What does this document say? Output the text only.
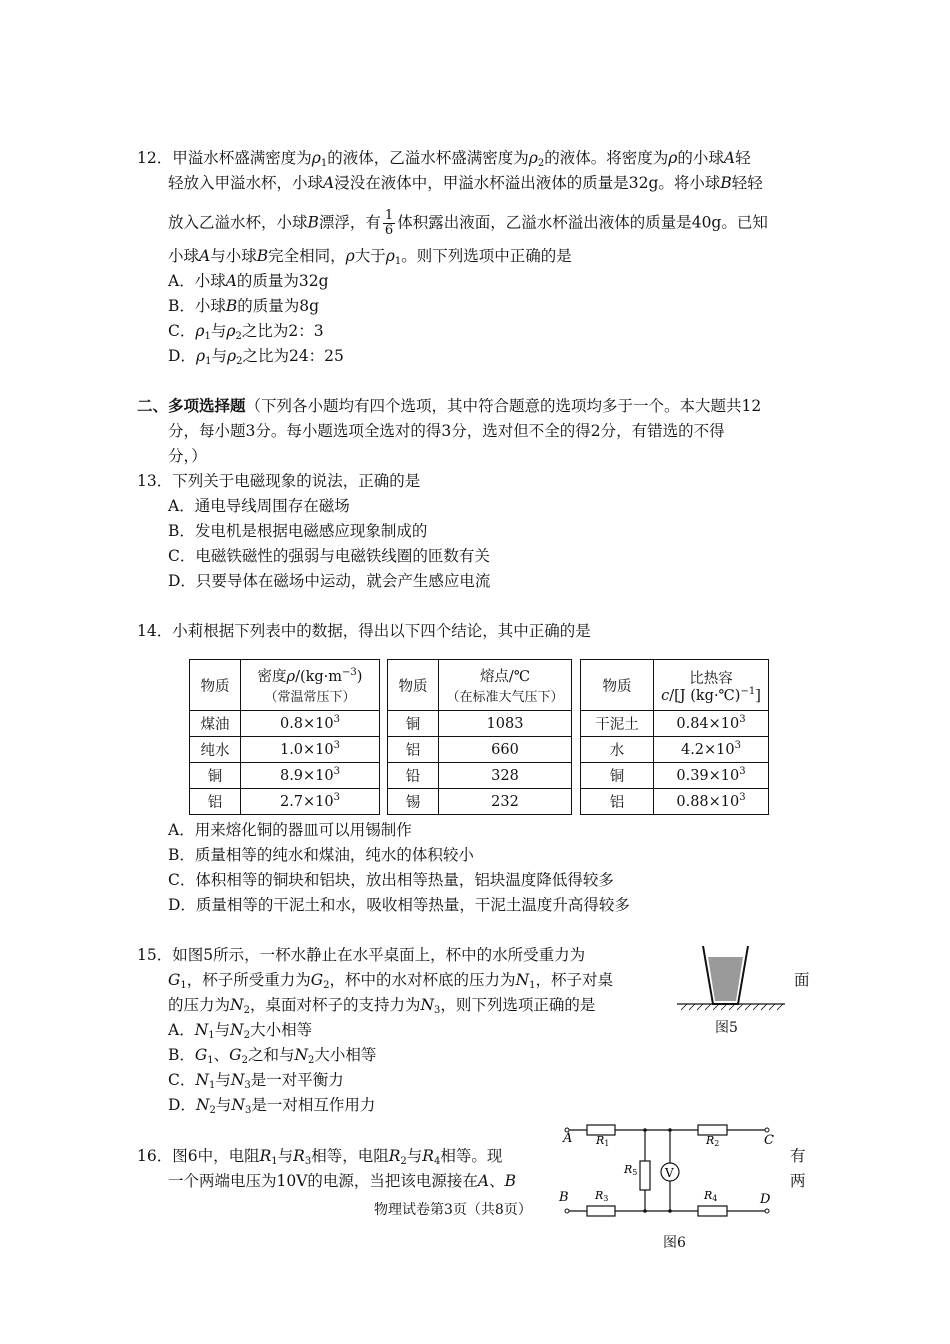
12．甲溢水杯盛满密度为$\rho_1$的液体，乙溢水杯盛满密度为$\rho_2$的液体。将密度为ρ的小球A轻
轻放入甲溢水杯，小球A浸没在液体中，甲溢水杯溢出液体的质量是32g。将小球B轻轻
放入乙溢水杯，小球B漂浮，有 $\frac{1}{6}$ 体积露出液面，乙溢水杯溢出液体的质量是40g。已知
小球A与小球B完全相同，ρ大于$\rho_1$。则下列选项中正确的是
A．小球A的质量为32g
B．小球B的质量为8g
C．$\rho_1$与$\rho_2$之比为2：3
D．$\rho_1$与$\rho_2$之比为24：25
二、多项选择题（下列各小题均有四个选项，其中符合题意的选项均多于一个。本大题共12
分，每小题3分。每小题选项全选对的得3分，选对但不全的得2分，有错选的不得
分，）
13．下列关于电磁现象的说法，正确的是
A．通电导线周围存在磁场
B．发电机是根据电磁感应现象制成的
C．电磁铁磁性的强弱与电磁铁线圈的匝数有关
D．只要导体在磁场中运动，就会产生感应电流
14．小莉根据下列表中的数据，得出以下四个结论，其中正确的是
物质	密度$\rho/(kg\cdot m^{-3})$
（常温常压下）

煤油	$0.8\times 10^3$
纯水	$1.0\times 10^3$
铜	$8.9\times 10^3$
铝	$2.7\times 10^3$
物质	熔点/℃
（在标准大气压下）

铜	1083
铝	660
铅	328
锡	232
物质	比热容
c/[J (kg·℃)$^{-1}$]

干泥土	$0.84\times 10^3$
水	$4.2\times 10^3$
铜	$0.39\times 10^3$
铝	$0.88\times 10^3$
A．用来熔化铜的器皿可以用锡制作
B．质量相等的纯水和煤油，纯水的体积较小
C．体积相等的铜块和铝块，放出相等热量，铝块温度降低得较多
D．质量相等的干泥土和水，吸收相等热量，干泥土温度升高得较多
15．如图5所示，一杯水静止在水平桌面上，杯中的水所受重力为
$G_1$，杯子所受重力为$G_2$，杯中的水对杯底的压力为$N_1$，杯子对桌	面
的压力为$N_2$，桌面对杯子的支持力为$N_3$，则下列选项正确的是
A．$N_1$与$N_2$大小相等
B．$G_1$、$G_2$之和与$N_2$大小相等
C．$N_1$与$N_3$是一对平衡力
D．$N_2$与$N_3$是一对相互作用力
图5
16．图6中，电阻$R_1$与$R_3$相等，电阻$R_2$与$R_4$相等。现	有
一个两端电压为10V的电源，当把该电源接在A、B	两
V
A	C
B	D
R1	R2
R3	R4
R5
图6
物理试卷第3页（共8页）
